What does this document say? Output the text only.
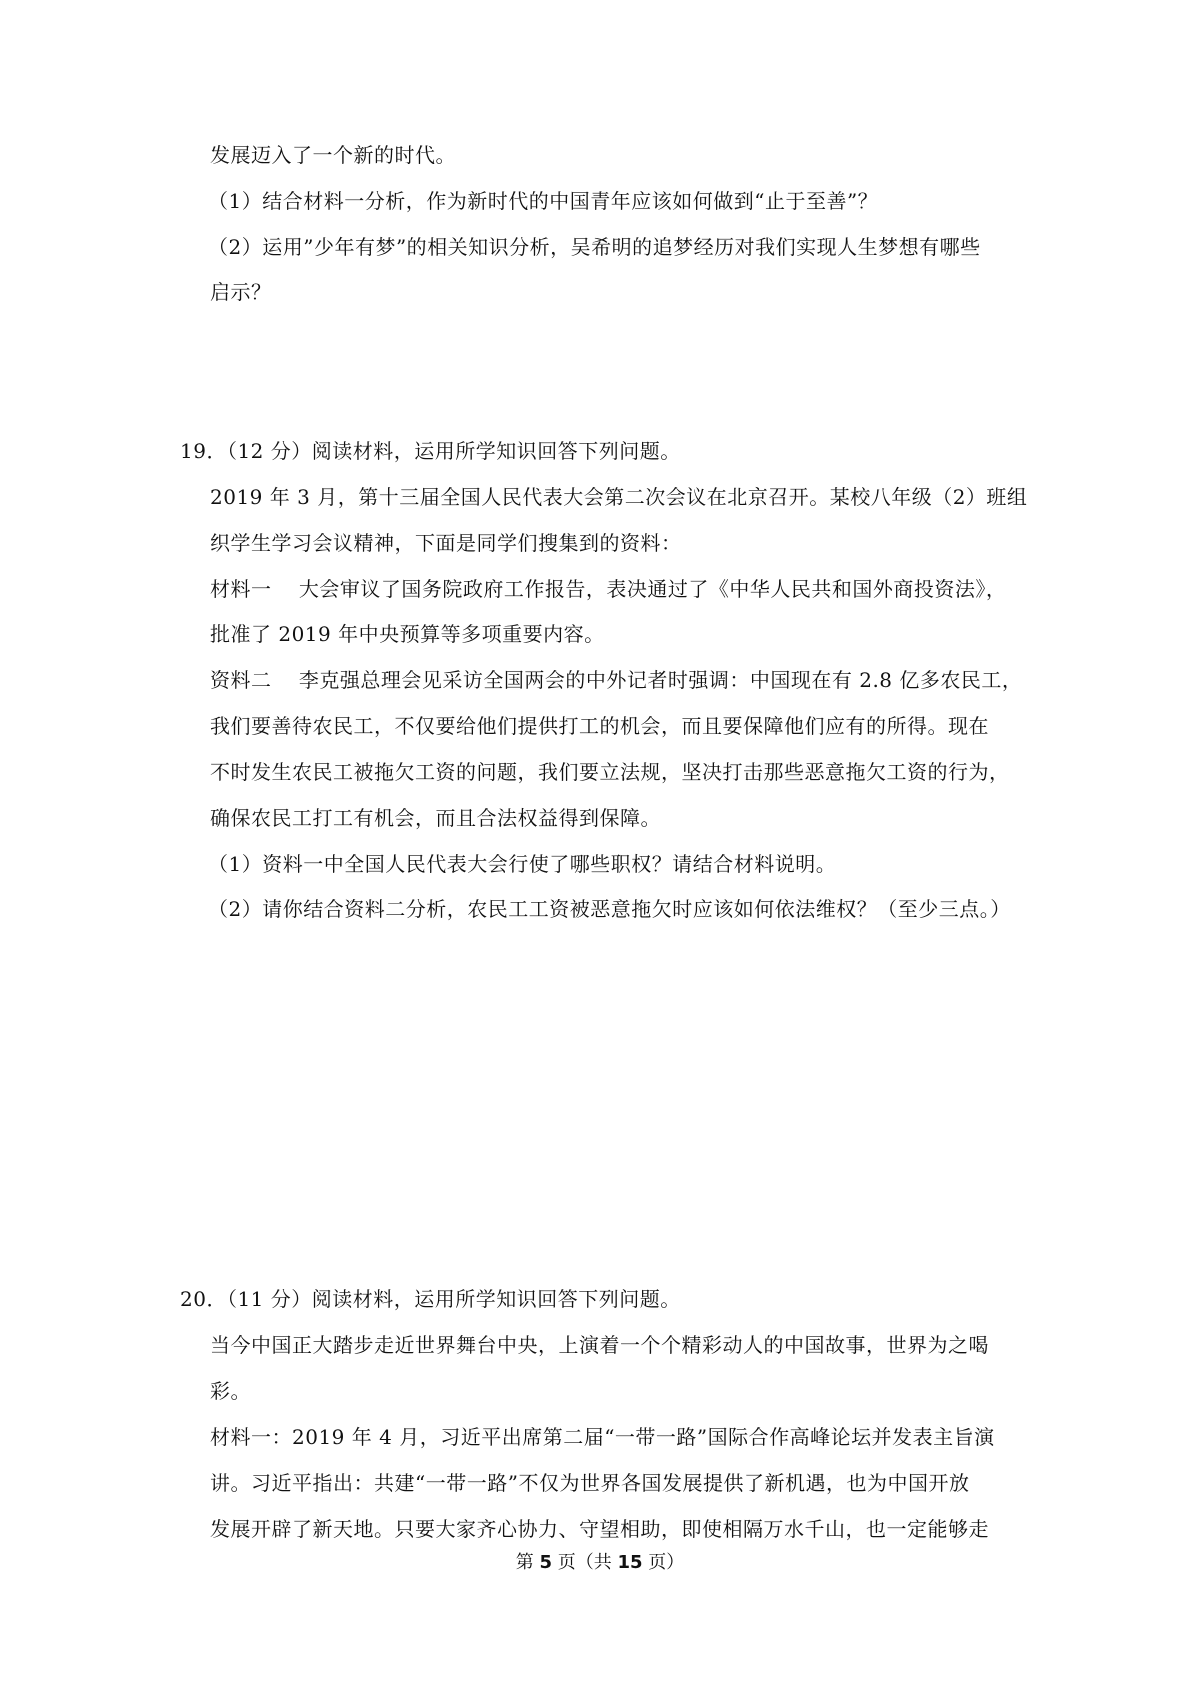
发展迈入了一个新的时代。
（1）结合材料一分析，作为新时代的中国青年应该如何做到“止于至善”？
（2）运用”少年有梦”的相关知识分析，吴希明的追梦经历对我们实现人生梦想有哪些
启示？
19．（12 分）阅读材料，运用所学知识回答下列问题。
2019 年 3 月，第十三届全国人民代表大会第二次会议在北京召开。某校八年级（2）班组
织学生学习会议精神，下面是同学们搜集到的资料：
材料一　 大会审议了国务院政府工作报告，表决通过了《中华人民共和国外商投资法》，
批准了 2019 年中央预算等多项重要内容。
资料二　 李克强总理会见采访全国两会的中外记者时强调：中国现在有 2.8 亿多农民工，
我们要善待农民工，不仅要给他们提供打工的机会，而且要保障他们应有的所得。现在
不时发生农民工被拖欠工资的问题，我们要立法规，坚决打击那些恶意拖欠工资的行为，
确保农民工打工有机会，而且合法权益得到保障。
（1）资料一中全国人民代表大会行使了哪些职权？请结合材料说明。
（2）请你结合资料二分析，农民工工资被恶意拖欠时应该如何依法维权？（至少三点。）
20．（11 分）阅读材料，运用所学知识回答下列问题。
当今中国正大踏步走近世界舞台中央，上演着一个个精彩动人的中国故事，世界为之喝
彩。
材料一：2019 年 4 月，习近平出席第二届“一带一路”国际合作高峰论坛并发表主旨演
讲。习近平指出：共建“一带一路”不仅为世界各国发展提供了新机遇，也为中国开放
发展开辟了新天地。只要大家齐心协力、守望相助，即使相隔万水千山，也一定能够走
第 5 页（共 15 页）
